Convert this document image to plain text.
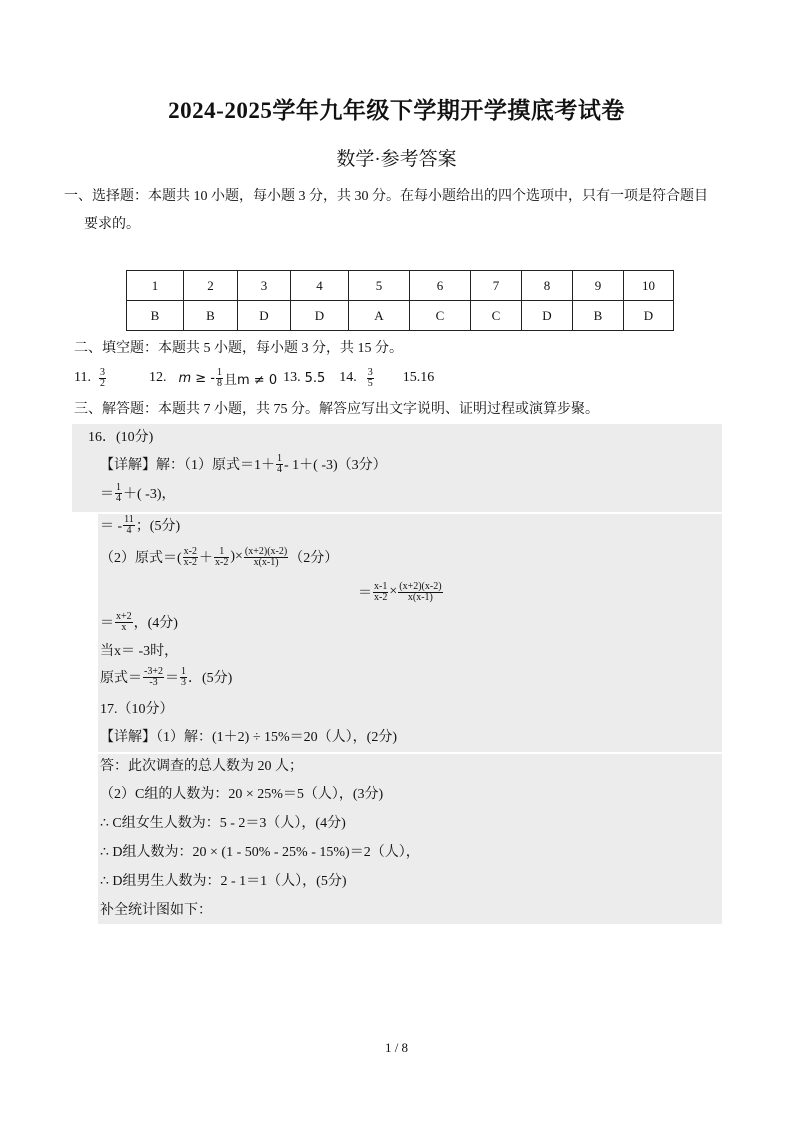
2024-2025学年九年级下学期开学摸底考试卷
数学·参考答案
一、选择题：本题共 10 小题，每小题 3 分，共 30 分。在每小题给出的四个选项中，只有一项是符合题目
要求的。
1	2	3	4	5	6	7	8	9	10
B	B	D	D	A	C	C	D	B	D
二、填空题：本题共 5 小题，每小题 3 分，共 15 分。
11. $\frac{3}{2}$	12. m ≥ - $\frac{1}{8}$ 且m ≠ 0 13. 5.5 14. $\frac{3}{5} 15.16$
三、解答题：本题共 7 小题，共 75 分。解答应写出文字说明、证明过程或演算步聚。
16．(10分)
【详解】解：（1）原式$=1+ \frac{1}{4} - 1+$( -3)（3分）
＝ $\frac{1}{4}$ ＋( -3)，
＝ - $\frac{11}{4}$ ；(5分)
（2）原式＝( $\frac{x-2}{x-2} + \frac{1}{x-2}$ )× $\frac{(x+2)(x-2)}{x(x-1)} (2$分）
＝ $\frac{x-1}{x-2} \times \frac{(x+2)(x-2)}{x(x-1)}$
＝ $\frac{x+2}{x}$ ，(4分)
当x＝ -3时，
原式＝ $\frac{-3+2}{-3} = \frac{1}{3}$ ．(5分)
17.（10分）
【详解】（1）解：(1＋2) ÷ 15%＝20（人），(2分)
答：此次调查的总人数为 20 人；
（2）C组的人数为：20 × 25%＝5（人），(3分)
∴ C组女生人数为：5 - 2＝3（人），(4分)
∴ D组人数为：20 × (1 - 50% - 25% - 15%)＝2（人），
∴ D组男生人数为：2 - 1＝1（人），(5分)
补全统计图如下：
1 / 8
